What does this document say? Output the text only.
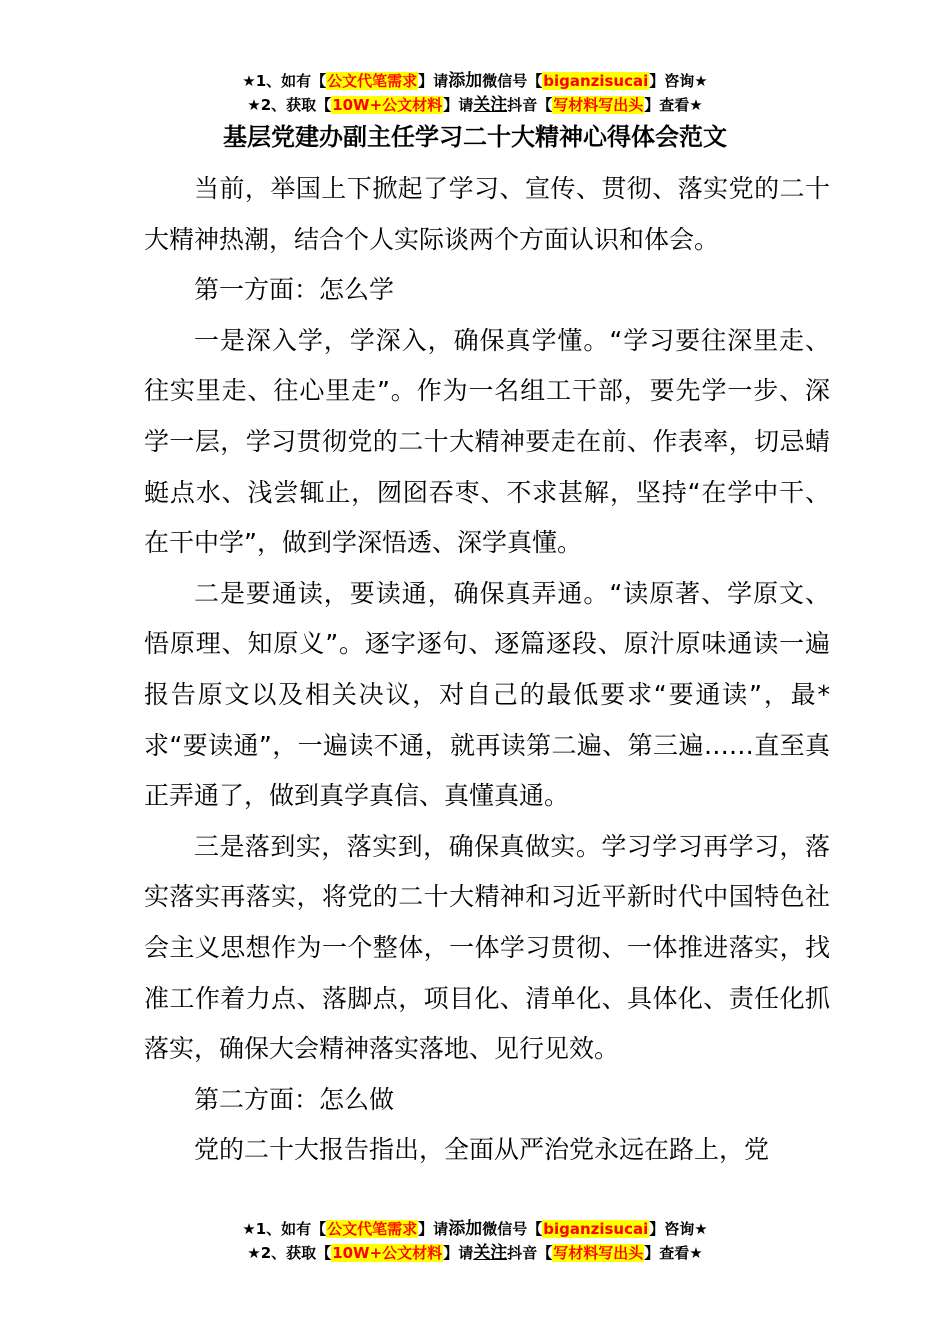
★1、如有【公文代笔需求】请添加微信号【biganzisucai】咨询★
★2、获取【10W+公文材料】请关注抖音【写材料写出头】查看★
基层党建办副主任学习二十大精神心得体会范文

当前，举国上下掀起了学习、宣传、贯彻、落实党的二十大精神热潮，结合个人实际谈两个方面认识和体会。

第一方面：怎么学

一是深入学，学深入，确保真学懂。“学习要往深里走、往实里走、往心里走”。作为一名组工干部，要先学一步、深学一层，学习贯彻党的二十大精神要走在前、作表率，切忌蜻蜓点水、浅尝辄止，囫囵吞枣、不求甚解，坚持“在学中干、在干中学”，做到学深悟透、深学真懂。

二是要通读，要读通，确保真弄通。“读原著、学原文、悟原理、知原义”。逐字逐句、逐篇逐段、原汁原味通读一遍报告原文以及相关决议，对自己的最低要求“要通读”，最*求“要读通”，一遍读不通，就再读第二遍、第三遍……直至真正弄通了，做到真学真信、真懂真通。

三是落到实，落实到，确保真做实。学习学习再学习，落实落实再落实，将党的二十大精神和习近平新时代中国特色社会主义思想作为一个整体，一体学习贯彻、一体推进落实，找准工作着力点、落脚点，项目化、清单化、具体化、责任化抓落实，确保大会精神落实落地、见行见效。

第二方面：怎么做

党的二十大报告指出，全面从严治党永远在路上，党

★1、如有【公文代笔需求】请添加微信号【biganzisucai】咨询★
★2、获取【10W+公文材料】请关注抖音【写材料写出头】查看★
